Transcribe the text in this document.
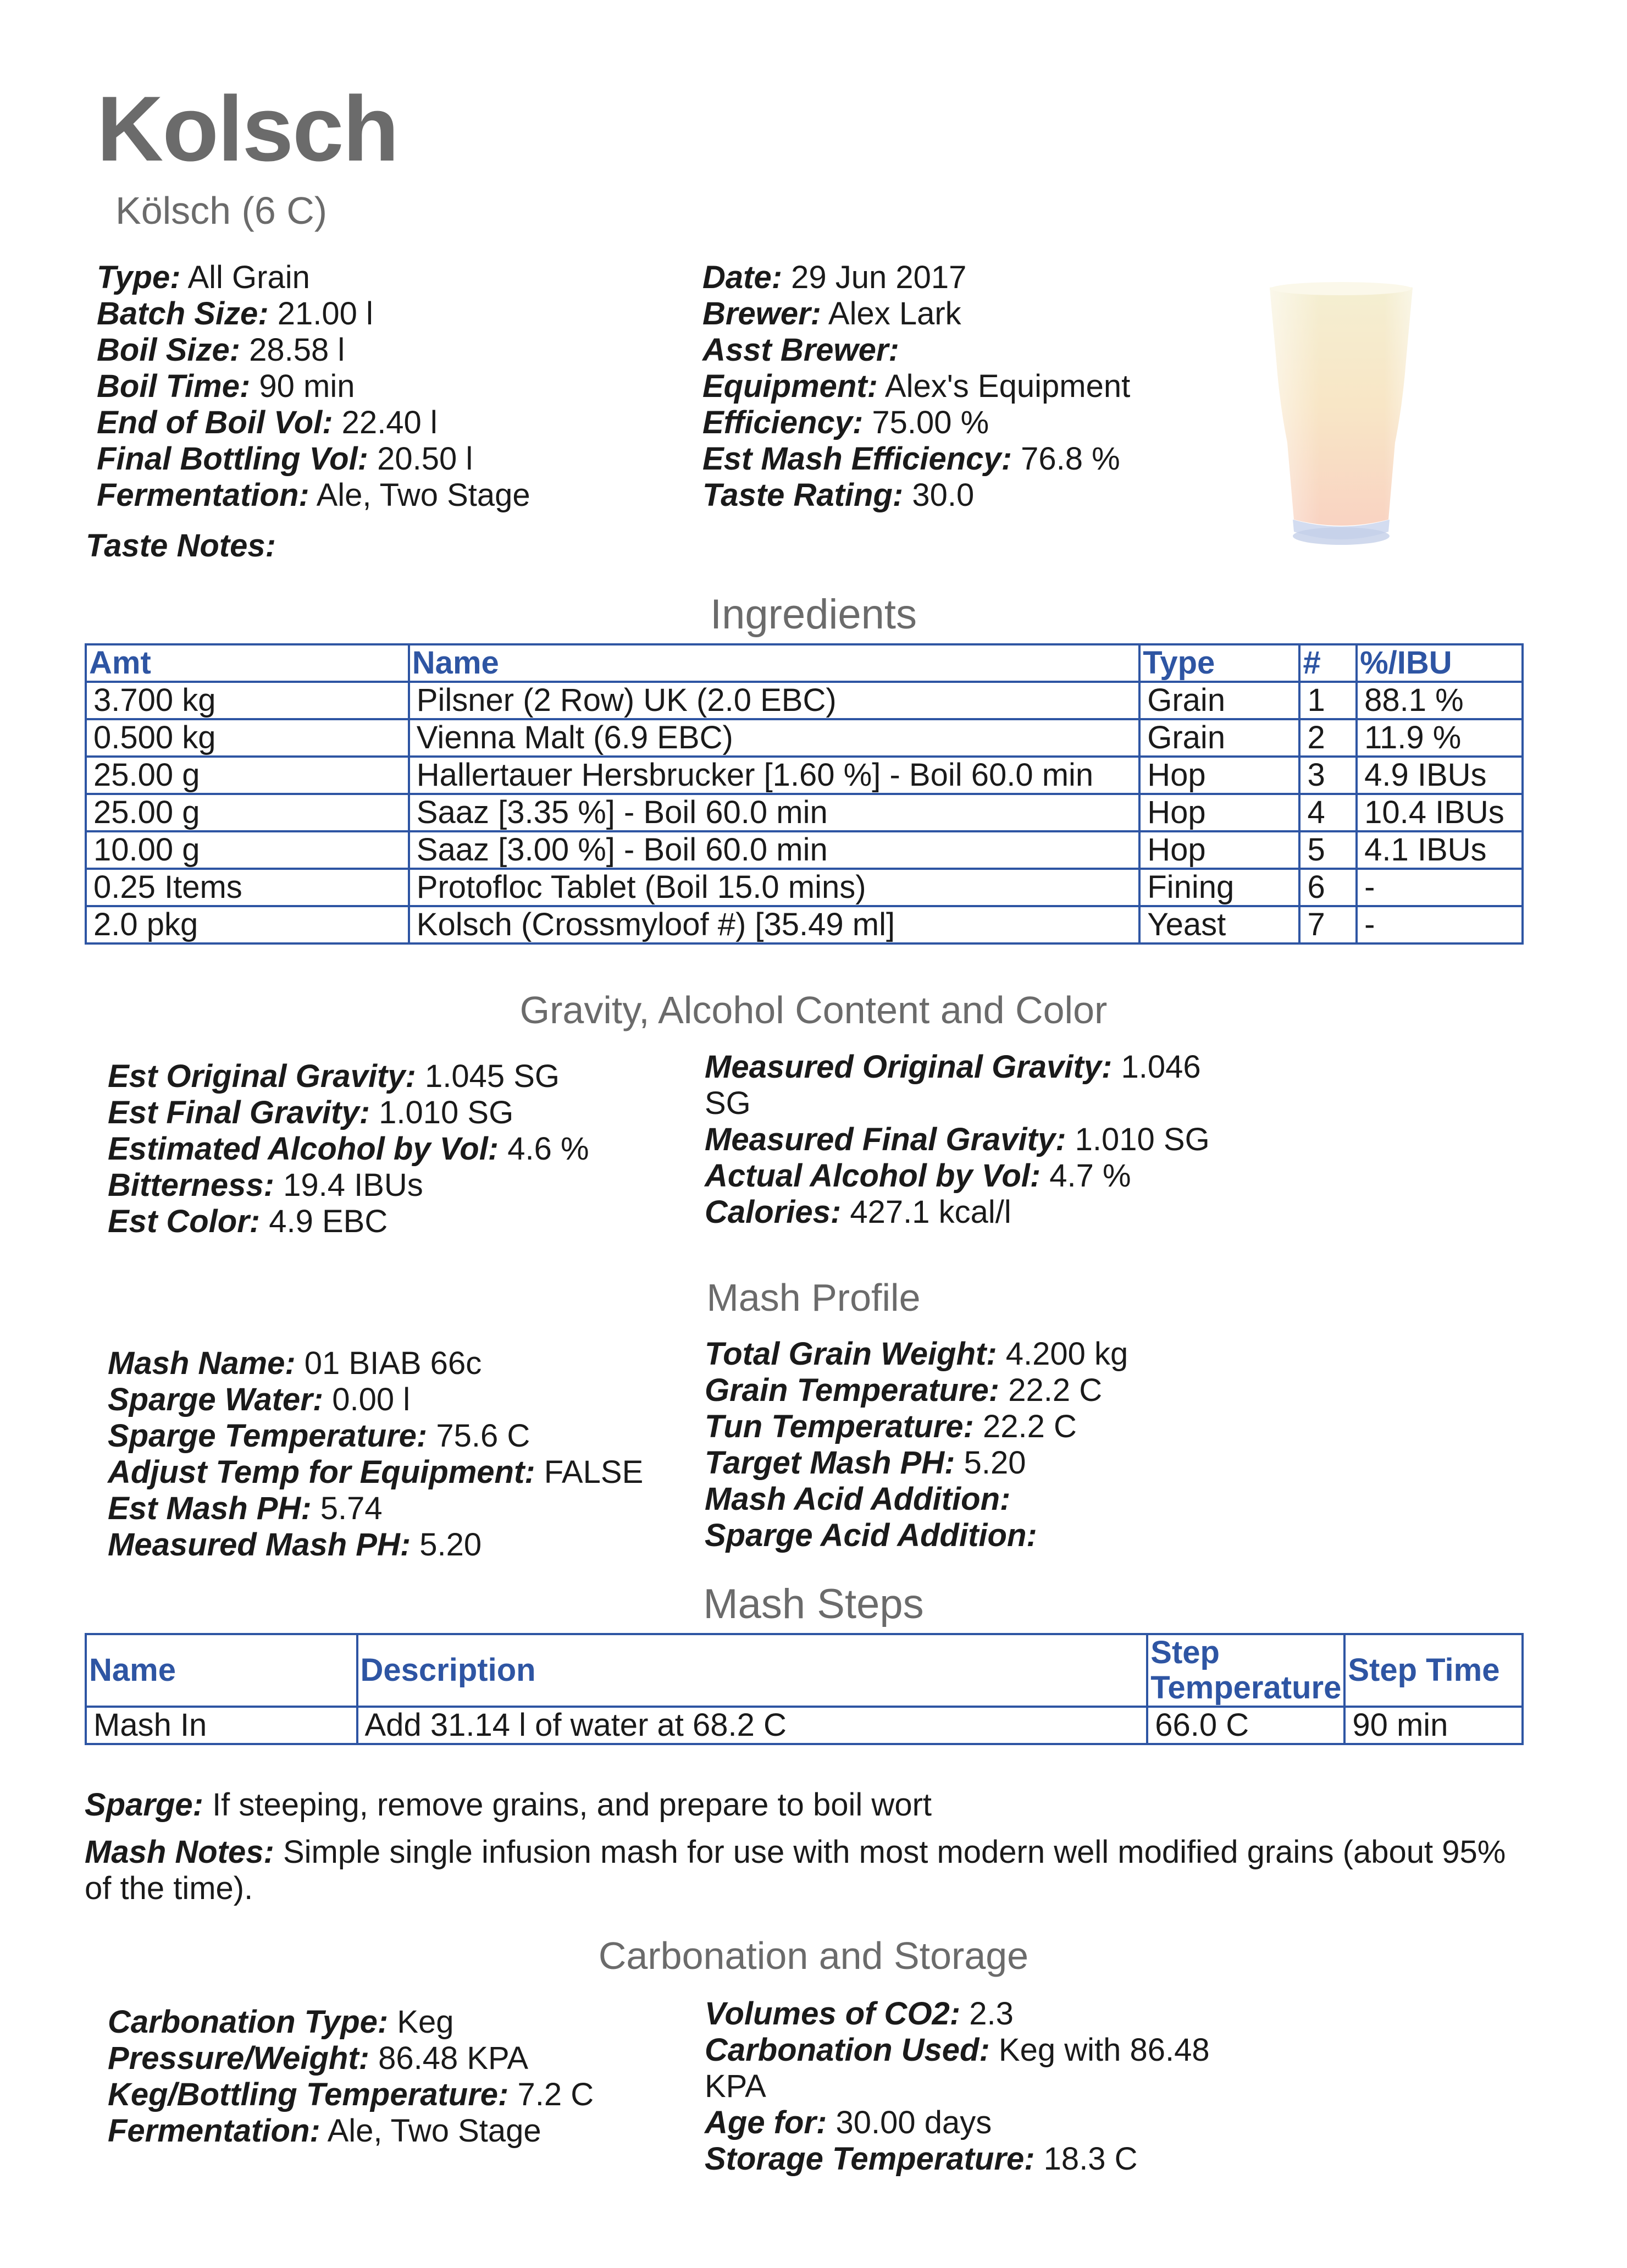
Kolsch
Kölsch (6 C)
Type: All Grain
Batch Size: 21.00 l
Boil Size: 28.58 l
Boil Time: 90 min
End of Boil Vol: 22.40 l
Final Bottling Vol: 20.50 l
Fermentation: Ale, Two Stage
Date: 29 Jun 2017
Brewer: Alex Lark
Asst Brewer:
Equipment: Alex's Equipment
Efficiency: 75.00 %
Est Mash Efficiency: 76.8 %
Taste Rating: 30.0
Taste Notes:
Ingredients
Amt	Name	Type	#	%/IBU
3.700 kg	Pilsner (2 Row) UK (2.0 EBC)	Grain	1	88.1 %
0.500 kg	Vienna Malt (6.9 EBC)	Grain	2	11.9 %
25.00 g	Hallertauer Hersbrucker [1.60 %] - Boil 60.0 min	Hop	3	4.9 IBUs
25.00 g	Saaz [3.35 %] - Boil 60.0 min	Hop	4	10.4 IBUs
10.00 g	Saaz [3.00 %] - Boil 60.0 min	Hop	5	4.1 IBUs
0.25 Items	Protofloc Tablet (Boil 15.0 mins)	Fining	6	-
2.0 pkg	Kolsch (Crossmyloof #) [35.49 ml]	Yeast	7	-
Gravity, Alcohol Content and Color
Est Original Gravity: 1.045 SG
Est Final Gravity: 1.010 SG
Estimated Alcohol by Vol: 4.6 %
Bitterness: 19.4 IBUs
Est Color: 4.9 EBC
Measured Original Gravity: 1.046
SG
Measured Final Gravity: 1.010 SG
Actual Alcohol by Vol: 4.7 %
Calories: 427.1 kcal/l
Mash Profile
Mash Name: 01 BIAB 66c
Sparge Water: 0.00 l
Sparge Temperature: 75.6 C
Adjust Temp for Equipment: FALSE
Est Mash PH: 5.74
Measured Mash PH: 5.20
Total Grain Weight: 4.200 kg
Grain Temperature: 22.2 C
Tun Temperature: 22.2 C
Target Mash PH: 5.20
Mash Acid Addition:
Sparge Acid Addition:
Mash Steps
Name	Description	Step Temperature	Step Time
Mash In	Add 31.14 l of water at 68.2 C	66.0 C	90 min
Sparge: If steeping, remove grains, and prepare to boil wort
Mash Notes: Simple single infusion mash for use with most modern well modified grains (about 95% of the time).
Carbonation and Storage
Carbonation Type: Keg
Pressure/Weight: 86.48 KPA
Keg/Bottling Temperature: 7.2 C
Fermentation: Ale, Two Stage
Volumes of CO2: 2.3
Carbonation Used: Keg with 86.48
KPA
Age for: 30.00 days
Storage Temperature: 18.3 C
